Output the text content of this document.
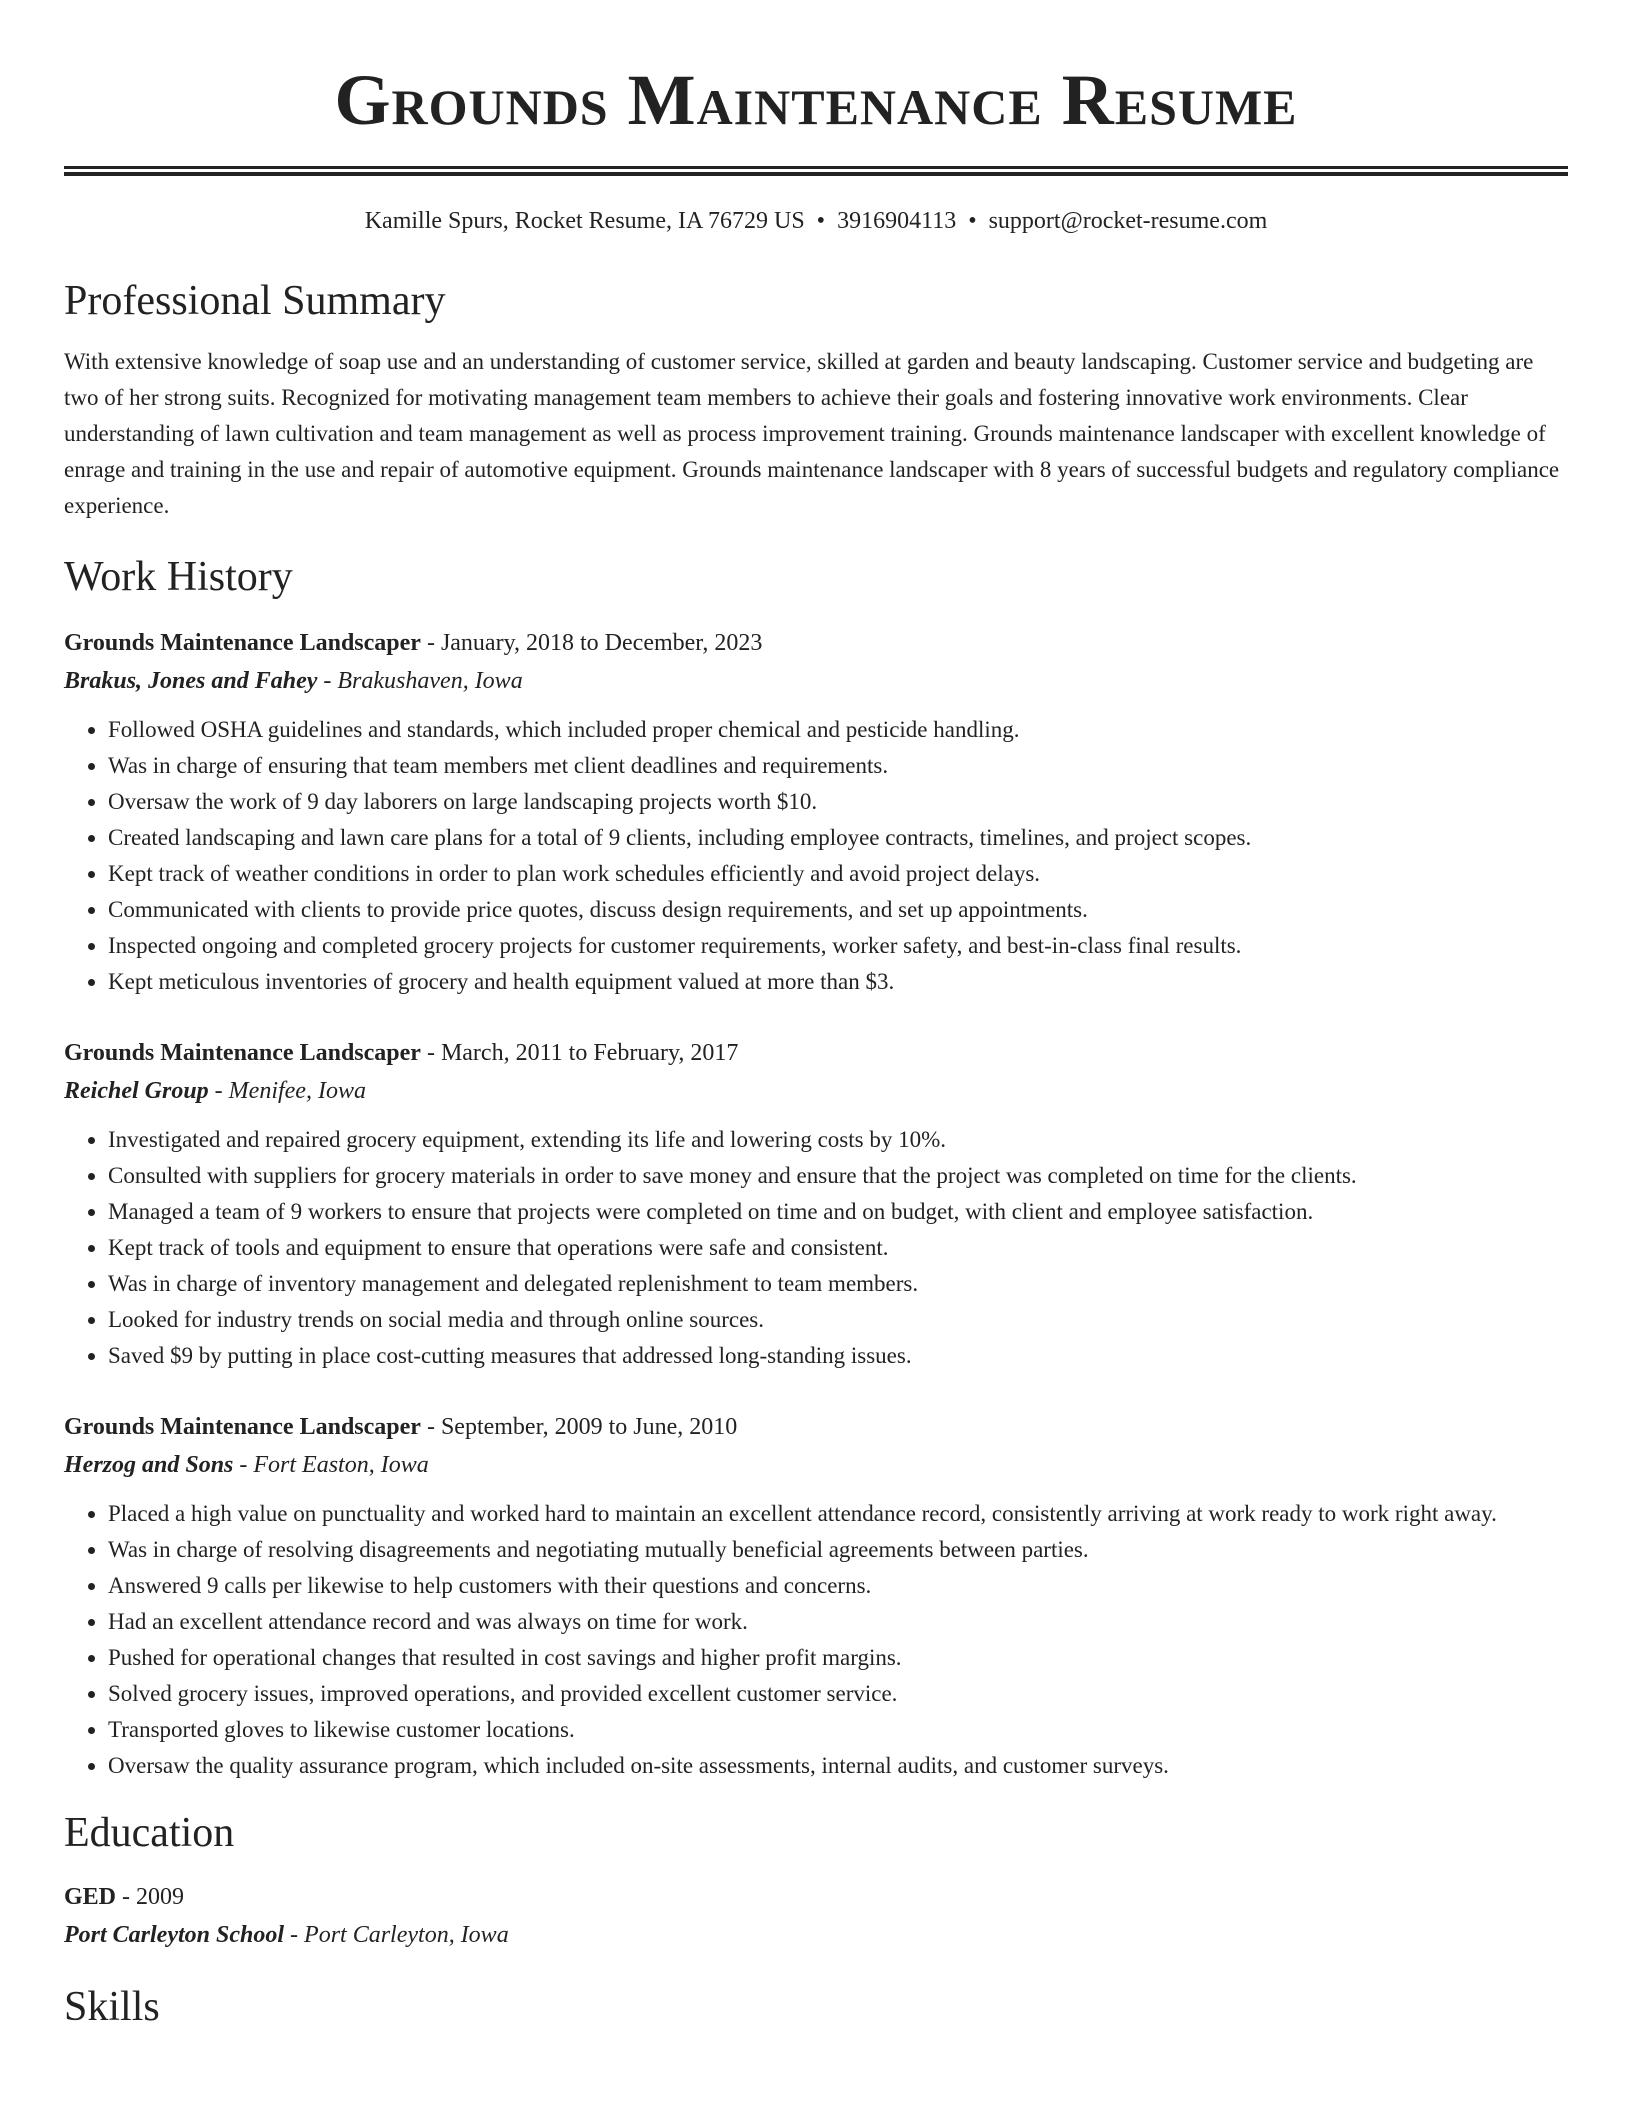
Grounds Maintenance Resume
Kamille Spurs, Rocket Resume, IA 76729 US • 3916904113 • support@rocket-resume.com
Professional Summary
With extensive knowledge of soap use and an understanding of customer service, skilled at garden and beauty landscaping. Customer service and budgeting are two of her strong suits. Recognized for motivating management team members to achieve their goals and fostering innovative work environments. Clear understanding of lawn cultivation and team management as well as process improvement training. Grounds maintenance landscaper with excellent knowledge of enrage and training in the use and repair of automotive equipment. Grounds maintenance landscaper with 8 years of successful budgets and regulatory compliance experience.
Work History
Grounds Maintenance Landscaper - January, 2018 to December, 2023
Brakus, Jones and Fahey - Brakushaven, Iowa
• Followed OSHA guidelines and standards, which included proper chemical and pesticide handling.
• Was in charge of ensuring that team members met client deadlines and requirements.
• Oversaw the work of 9 day laborers on large landscaping projects worth $10.
• Created landscaping and lawn care plans for a total of 9 clients, including employee contracts, timelines, and project scopes.
• Kept track of weather conditions in order to plan work schedules efficiently and avoid project delays.
• Communicated with clients to provide price quotes, discuss design requirements, and set up appointments.
• Inspected ongoing and completed grocery projects for customer requirements, worker safety, and best-in-class final results.
• Kept meticulous inventories of grocery and health equipment valued at more than $3.
Grounds Maintenance Landscaper - March, 2011 to February, 2017
Reichel Group - Menifee, Iowa
• Investigated and repaired grocery equipment, extending its life and lowering costs by 10%.
• Consulted with suppliers for grocery materials in order to save money and ensure that the project was completed on time for the clients.
• Managed a team of 9 workers to ensure that projects were completed on time and on budget, with client and employee satisfaction.
• Kept track of tools and equipment to ensure that operations were safe and consistent.
• Was in charge of inventory management and delegated replenishment to team members.
• Looked for industry trends on social media and through online sources.
• Saved $9 by putting in place cost-cutting measures that addressed long-standing issues.
Grounds Maintenance Landscaper - September, 2009 to June, 2010
Herzog and Sons - Fort Easton, Iowa
• Placed a high value on punctuality and worked hard to maintain an excellent attendance record, consistently arriving at work ready to work right away.
• Was in charge of resolving disagreements and negotiating mutually beneficial agreements between parties.
• Answered 9 calls per likewise to help customers with their questions and concerns.
• Had an excellent attendance record and was always on time for work.
• Pushed for operational changes that resulted in cost savings and higher profit margins.
• Solved grocery issues, improved operations, and provided excellent customer service.
• Transported gloves to likewise customer locations.
• Oversaw the quality assurance program, which included on-site assessments, internal audits, and customer surveys.
Education
GED - 2009
Port Carleyton School - Port Carleyton, Iowa
Skills
